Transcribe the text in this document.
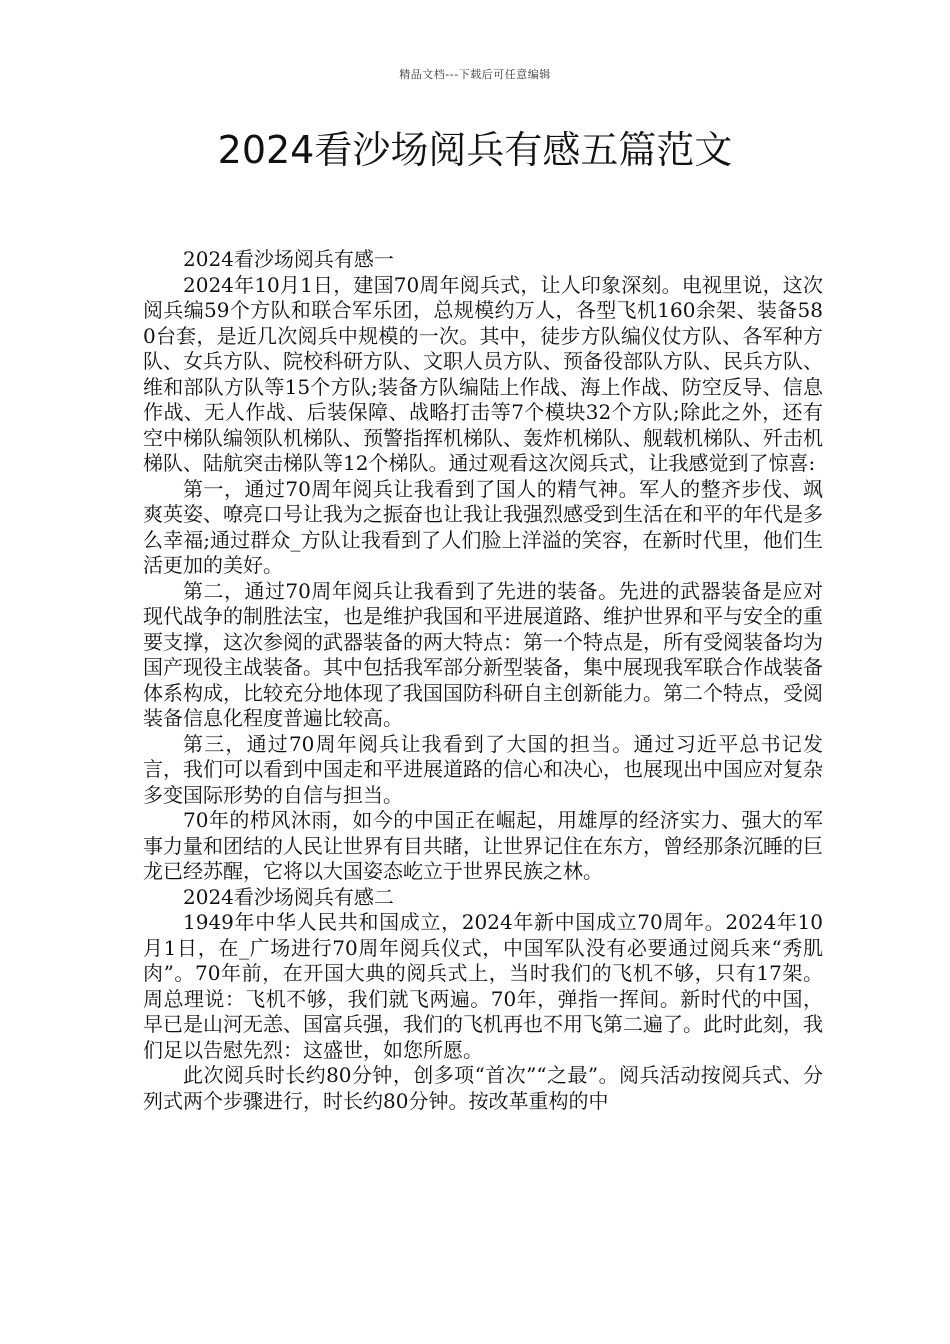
精品文档---下载后可任意编辑
2024看沙场阅兵有感五篇范文

2024看沙场阅兵有感一

2024年10月1日，建国70周年阅兵式，让人印象深刻。电视里说，这次阅兵编59个方队和联合军乐团，总规模约万人，各型飞机160余架、装备580台套，是近几次阅兵中规模的一次。其中，徒步方队编仪仗方队、各军种方队、女兵方队、院校科研方队、文职人员方队、预备役部队方队、民兵方队、维和部队方队等15个方队;装备方队编陆上作战、海上作战、防空反导、信息作战、无人作战、后装保障、战略打击等7个模块32个方队;除此之外，还有空中梯队编领队机梯队、预警指挥机梯队、轰炸机梯队、舰载机梯队、歼击机梯队、陆航突击梯队等12个梯队。通过观看这次阅兵式，让我感觉到了惊喜:

第一，通过70周年阅兵让我看到了国人的精气神。军人的整齐步伐、飒爽英姿、嘹亮口号让我为之振奋也让我让我强烈感受到生活在和平的年代是多么幸福;通过群众_方队让我看到了人们脸上洋溢的笑容，在新时代里，他们生活更加的美好。

第二，通过70周年阅兵让我看到了先进的装备。先进的武器装备是应对现代战争的制胜法宝，也是维护我国和平进展道路、维护世界和平与安全的重要支撑，这次参阅的武器装备的两大特点：第一个特点是，所有受阅装备均为国产现役主战装备。其中包括我军部分新型装备，集中展现我军联合作战装备体系构成，比较充分地体现了我国国防科研自主创新能力。第二个特点，受阅装备信息化程度普遍比较高。

第三，通过70周年阅兵让我看到了大国的担当。通过习近平总书记发言，我们可以看到中国走和平进展道路的信心和决心，也展现出中国应对复杂多变国际形势的自信与担当。

70年的栉风沐雨，如今的中国正在崛起，用雄厚的经济实力、强大的军事力量和团结的人民让世界有目共睹，让世界记住在东方，曾经那条沉睡的巨龙已经苏醒，它将以大国姿态屹立于世界民族之林。

2024看沙场阅兵有感二

1949年中华人民共和国成立，2024年新中国成立70周年。2024年10月1日，在_广场进行70周年阅兵仪式，中国军队没有必要通过阅兵来“秀肌肉”。70年前，在开国大典的阅兵式上，当时我们的飞机不够，只有17架。周总理说：飞机不够，我们就飞两遍。70年，弹指一挥间。新时代的中国，早已是山河无恙、国富兵强，我们的飞机再也不用飞第二遍了。此时此刻，我们足以告慰先烈：这盛世，如您所愿。

此次阅兵时长约80分钟，创多项“首次”“之最”。阅兵活动按阅兵式、分列式两个步骤进行，时长约80分钟。按改革重构的中
